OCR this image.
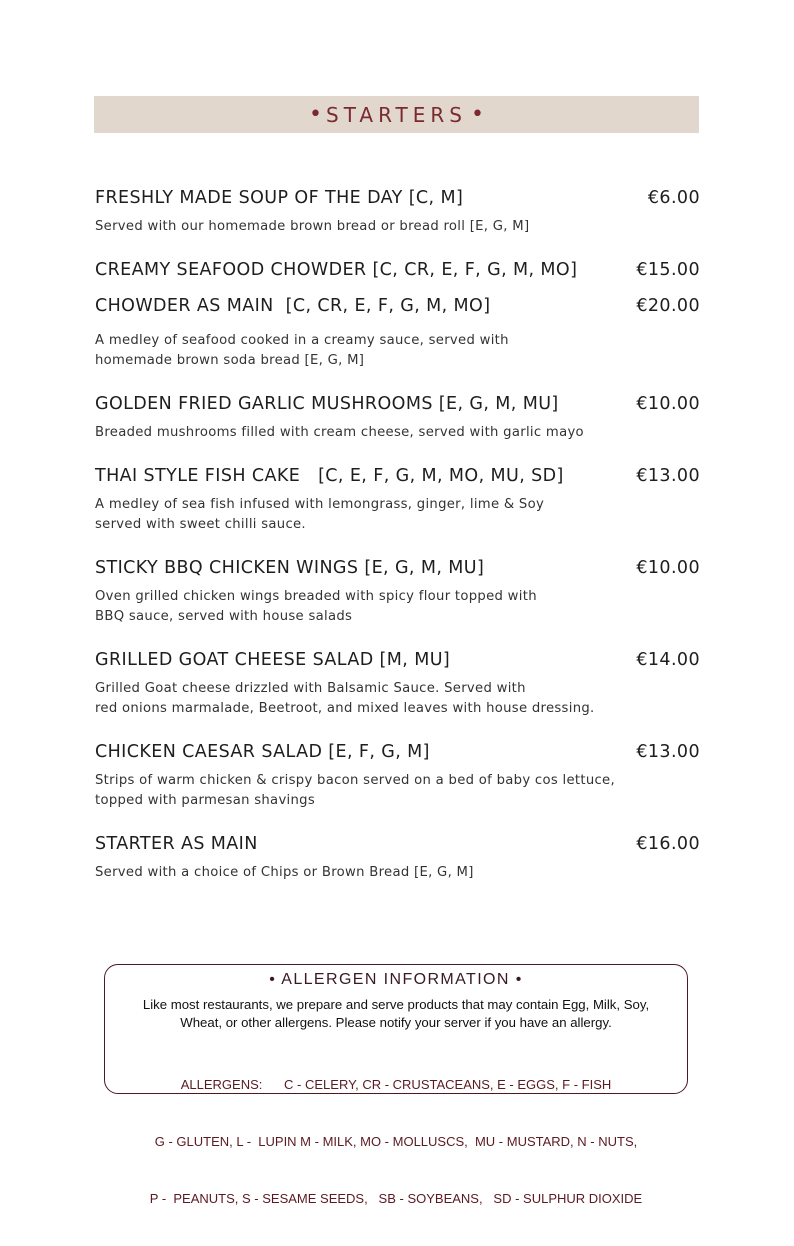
• STARTERS •
FRESHLY MADE SOUP OF THE DAY [C, M]	€6.00
Served with our homemade brown bread or bread roll [E, G, M]
CREAMY SEAFOOD CHOWDER [C, CR, E, F, G, M, MO]	€15.00
CHOWDER AS MAIN  [C, CR, E, F, G, M, MO]	€20.00
A medley of seafood cooked in a creamy sauce, served with
homemade brown soda bread [E, G, M]
GOLDEN FRIED GARLIC MUSHROOMS [E, G, M, MU]	€10.00
Breaded mushrooms filled with cream cheese, served with garlic mayo
THAI STYLE FISH CAKE   [C, E, F, G, M, MO, MU, SD]	€13.00
A medley of sea fish infused with lemongrass, ginger, lime & Soy
served with sweet chilli sauce.
STICKY BBQ CHICKEN WINGS [E, G, M, MU]	€10.00
Oven grilled chicken wings breaded with spicy flour topped with
BBQ sauce, served with house salads
GRILLED GOAT CHEESE SALAD [M, MU]	€14.00
Grilled Goat cheese drizzled with Balsamic Sauce. Served with
red onions marmalade, Beetroot, and mixed leaves with house dressing.
CHICKEN CAESAR SALAD [E, F, G, M]	€13.00
Strips of warm chicken & crispy bacon served on a bed of baby cos lettuce,
topped with parmesan shavings
STARTER AS MAIN	€16.00
Served with a choice of Chips or Brown Bread [E, G, M]
• ALLERGEN INFORMATION •
Like most restaurants, we prepare and serve products that may contain Egg, Milk, Soy,
Wheat, or other allergens. Please notify your server if you have an allergy.

ALLERGENS:      C - CELERY, CR - CRUSTACEANS, E - EGGS, F - FISH

G - GLUTEN, L -  LUPIN M - MILK, MO - MOLLUSCS,  MU - MUSTARD, N - NUTS,

P -  PEANUTS, S - SESAME SEEDS,   SB - SOYBEANS,   SD - SULPHUR DIOXIDE
